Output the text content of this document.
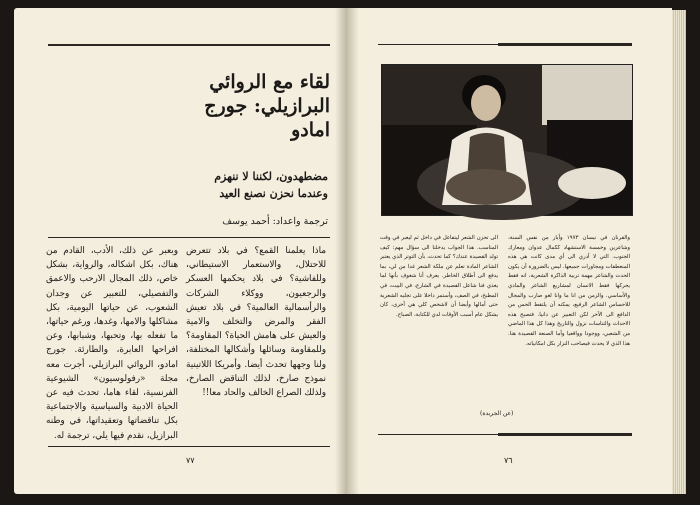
لقاء مع الروائي
البرازيلي: جورج
امادو
مضطهدون، لكننا لا ننهزم
وعندما نحزن نصنع العيد
ترجمة واعداد: أحمد يوسف
ماذا يعلمنا القمع؟ في بلاد تتعرض للاحتلال، والاستعمار الاستيطاني، وللفاشية؟ في بلاد يحكمها العسكر والرجعيون، ووكلاء الشركات والرأسمالية العالمية؟ في بلاد تعيش الفقر والمرض والتخلف والامية والعيش على هامش الحياة؟ المقاومة؟ وللمقاومة وسائلها وأشكالها المختلفة، ولنا وجهها تحدث أيضا. وأمريكا اللاتينية نموذج صارخ، لذلك التناقض الصارخ، ولذلك الصراع الخالف والحاد معا!!
وبعبر عن ذلك، الأدب، القادم من هناك، بكل اشكاله، والرواية، بشكل خاص، ذلك المجال الارحب والاعمق والتفصيلي، للتعبير عن وجدان الشعوب، عن حياتها اليومية، بكل مشاكلها والامها، وغدها، ورغم حياتها، ما تفعله بها، وتحبها، وشبابها، وعن افراحها العابرة، والطارئة. جورج امادو، الروائي البرازيلي، أجرت معه مجلة «رفولوسيون» الشيوعية الفرنسية، لقاء هاما، تحدث فيه عن الحياة الادبية والسياسية والاجتماعية بكل تناقضاتها وتعقيداتها، في وطنه البرازيل، نقدم فيها يلي، ترجمة له.
٧٧
الى تحزن الشعر ليتفاعل في داخل ثم ليعبر في وقت المناسب. هذا الجواب يدخلنا الى سؤال مهم: كيف تولد القصيدة عندك؟ كما تحدث، بأن التوتر الذي يعتبر الشاعر المادة تعلم عن ملكة الشعر غدا من لي، بما يدفع الى أطلاق الخاطر. يعرف أنا شغوف بأنها لما يغذي فنا شاعل القصيدة في الشارع، في البيت، في المطبخ، في الصف، وأستمر داخلا على تجليه الشعرية حتى أمالها وأيضا أن لاشخص كلي هي أخرى، كان يشكل عام أسبب الأوقات لدي للكتابة، الصباح.
والقرنان في نيسان ١٩٧٣ وأيار من نفس السنة، وشاعرين وخمسة الاستشهاد ككمال عدوان ومعارك الجنوب. التي لا أدري الى أي مدى كانت هي هذه المنعطفات ومجاورات جميعها. ليس بالضرورة أن يكون الحدث والشاعر مهمة تربية الذاكرة الشعرية، انه فقط يحركها فقط الانسان لمشاريع الشاعر والمادي والأساسي. والزمن من انا ما وانا لغو صارب والمجال للاحساس الشاعر الرفيع، يمكنه أن يلتقط الحس من الدافع الى الآخر لكن التعبير عن دانيا. فتصبح هذه الاحداث والتناسات نزول والتاريخ وهذا كل هذا الماضي من الشعبي، ووجودا وواقعيا وأما الصنعة القصيدة هنا. هذا الذي لا يحدث فيصاحب النزار بكل امكانياته.
(عن الجريدة)
٧٦
